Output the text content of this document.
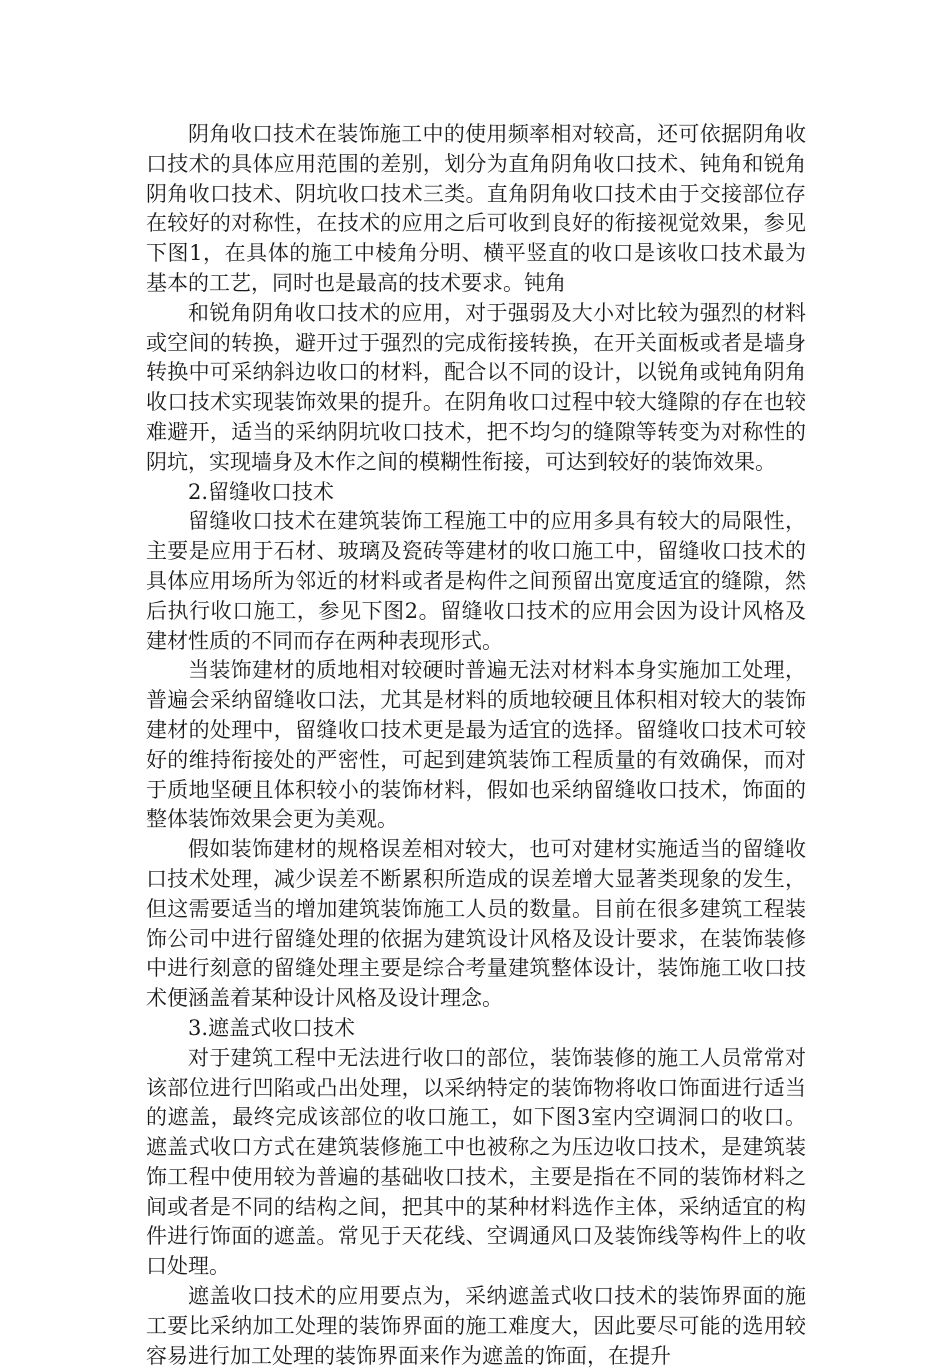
阴角收口技术在装饰施工中的使用频率相对较高，还可依据阴角收口技术的具体应用范围的差别，划分为直角阴角收口技术、钝角和锐角阴角收口技术、阴坑收口技术三类。直角阴角收口技术由于交接部位存在较好的对称性，在技术的应用之后可收到良好的衔接视觉效果，参见下图1，在具体的施工中棱角分明、横平竖直的收口是该收口技术最为基本的工艺，同时也是最高的技术要求。钝角

和锐角阴角收口技术的应用，对于强弱及大小对比较为强烈的材料或空间的转换，避开过于强烈的完成衔接转换，在开关面板或者是墙身转换中可采纳斜边收口的材料，配合以不同的设计，以锐角或钝角阴角收口技术实现装饰效果的提升。在阴角收口过程中较大缝隙的存在也较难避开，适当的采纳阴坑收口技术，把不均匀的缝隙等转变为对称性的阴坑，实现墙身及木作之间的模糊性衔接，可达到较好的装饰效果。

2.留缝收口技术

留缝收口技术在建筑装饰工程施工中的应用多具有较大的局限性，主要是应用于石材、玻璃及瓷砖等建材的收口施工中，留缝收口技术的具体应用场所为邻近的材料或者是构件之间预留出宽度适宜的缝隙，然后执行收口施工，参见下图2。留缝收口技术的应用会因为设计风格及建材性质的不同而存在两种表现形式。

当装饰建材的质地相对较硬时普遍无法对材料本身实施加工处理，普遍会采纳留缝收口法，尤其是材料的质地较硬且体积相对较大的装饰建材的处理中，留缝收口技术更是最为适宜的选择。留缝收口技术可较好的维持衔接处的严密性，可起到建筑装饰工程质量的有效确保，而对于质地坚硬且体积较小的装饰材料，假如也采纳留缝收口技术，饰面的整体装饰效果会更为美观。

假如装饰建材的规格误差相对较大，也可对建材实施适当的留缝收口技术处理，减少误差不断累积所造成的误差增大显著类现象的发生，但这需要适当的增加建筑装饰施工人员的数量。目前在很多建筑工程装饰公司中进行留缝处理的依据为建筑设计风格及设计要求，在装饰装修中进行刻意的留缝处理主要是综合考量建筑整体设计，装饰施工收口技术便涵盖着某种设计风格及设计理念。

3.遮盖式收口技术

对于建筑工程中无法进行收口的部位，装饰装修的施工人员常常对该部位进行凹陷或凸出处理，以采纳特定的装饰物将收口饰面进行适当的遮盖，最终完成该部位的收口施工，如下图3室内空调洞口的收口。遮盖式收口方式在建筑装修施工中也被称之为压边收口技术，是建筑装饰工程中使用较为普遍的基础收口技术，主要是指在不同的装饰材料之间或者是不同的结构之间，把其中的某种材料选作主体，采纳适宜的构件进行饰面的遮盖。常见于天花线、空调通风口及装饰线等构件上的收口处理。

遮盖收口技术的应用要点为，采纳遮盖式收口技术的装饰界面的施工要比采纳加工处理的装饰界面的施工难度大，因此要尽可能的选用较容易进行加工处理的装饰界面来作为遮盖的饰面，在提升
